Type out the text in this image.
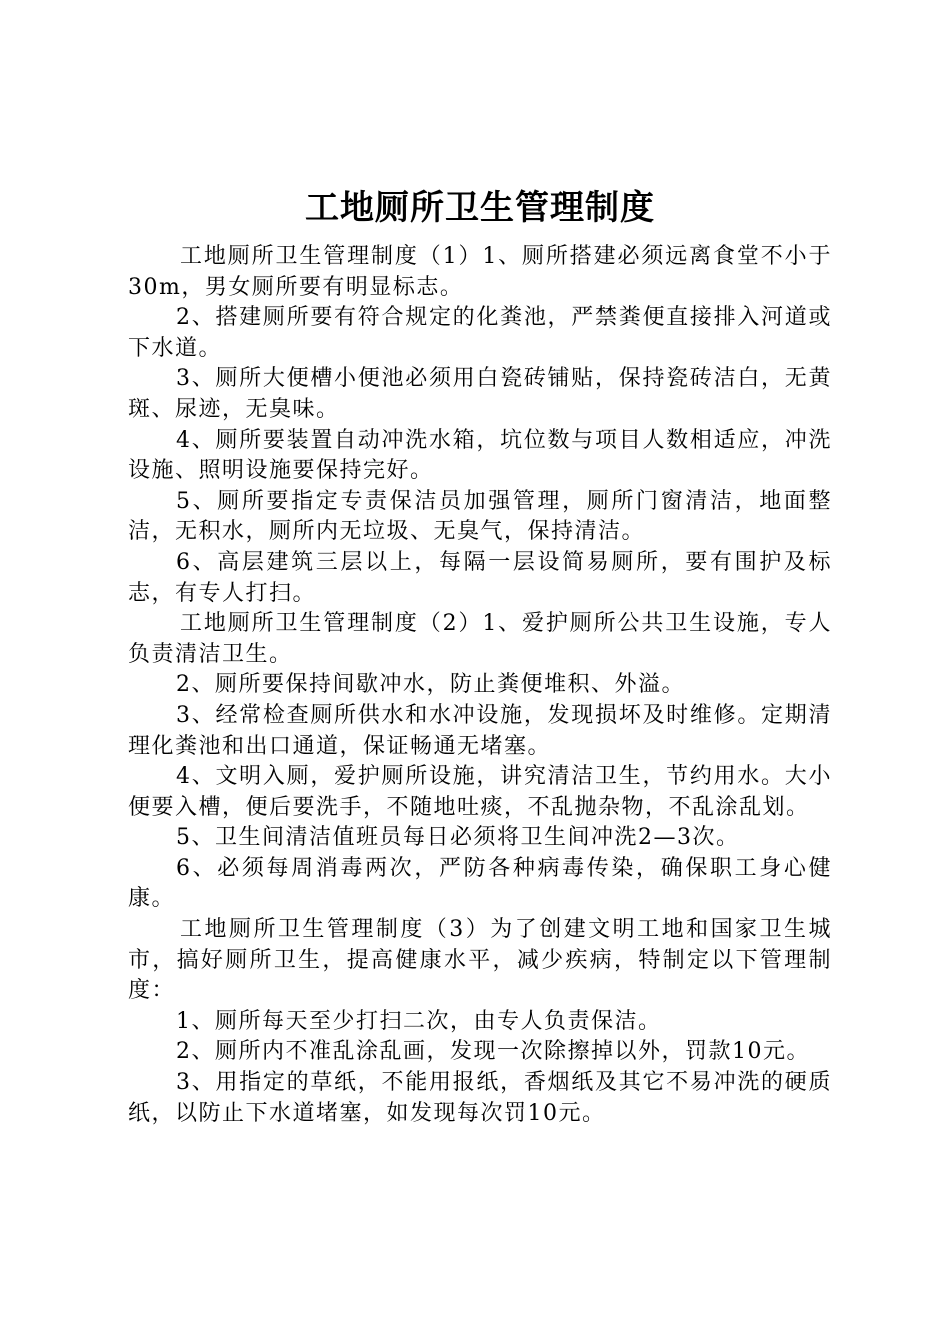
工地厕所卫生管理制度

工地厕所卫生管理制度（1）1、厕所搭建必须远离食堂不小于30m，男女厕所要有明显标志。

2、搭建厕所要有符合规定的化粪池，严禁粪便直接排入河道或下水道。

3、厕所大便槽小便池必须用白瓷砖铺贴，保持瓷砖洁白，无黄斑、尿迹，无臭味。

4、厕所要装置自动冲洗水箱，坑位数与项目人数相适应，冲洗设施、照明设施要保持完好。

5、厕所要指定专责保洁员加强管理，厕所门窗清洁，地面整洁，无积水，厕所内无垃圾、无臭气，保持清洁。

6、高层建筑三层以上，每隔一层设简易厕所，要有围护及标志，有专人打扫。

工地厕所卫生管理制度（2）1、爱护厕所公共卫生设施，专人负责清洁卫生。

2、厕所要保持间歇冲水，防止粪便堆积、外溢。

3、经常检查厕所供水和水冲设施，发现损坏及时维修。定期清理化粪池和出口通道，保证畅通无堵塞。

4、文明入厕，爱护厕所设施，讲究清洁卫生，节约用水。大小便要入槽，便后要洗手，不随地吐痰，不乱抛杂物，不乱涂乱划。

5、卫生间清洁值班员每日必须将卫生间冲洗2—3次。

6、必须每周消毒两次，严防各种病毒传染，确保职工身心健康。

工地厕所卫生管理制度（3）为了创建文明工地和国家卫生城市，搞好厕所卫生，提高健康水平，减少疾病，特制定以下管理制度：

1、厕所每天至少打扫二次，由专人负责保洁。

2、厕所内不准乱涂乱画，发现一次除擦掉以外，罚款10元。

3、用指定的草纸，不能用报纸，香烟纸及其它不易冲洗的硬质纸，以防止下水道堵塞，如发现每次罚10元。
